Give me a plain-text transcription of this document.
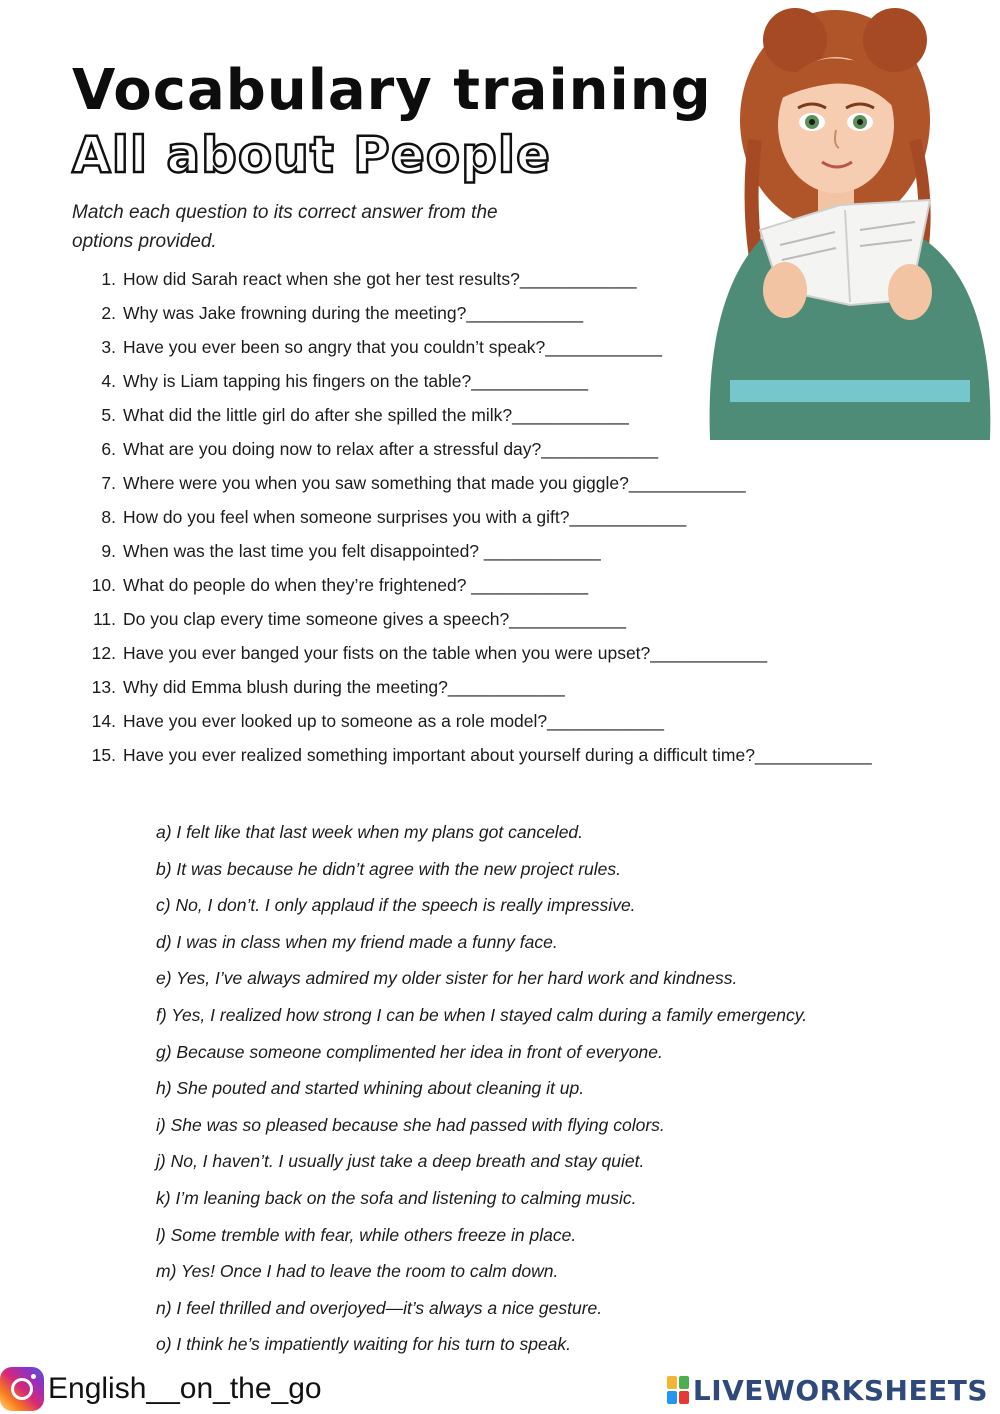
Vocabulary training
All about People

Match each question to its correct answer from the options provided.

1. How did Sarah react when she got her test results?____________
2. Why was Jake frowning during the meeting?____________
3. Have you ever been so angry that you couldn’t speak?____________
4. Why is Liam tapping his fingers on the table?____________
5. What did the little girl do after she spilled the milk?____________
6. What are you doing now to relax after a stressful day?____________
7. Where were you when you saw something that made you giggle?____________
8. How do you feel when someone surprises you with a gift?____________
9. When was the last time you felt disappointed? ____________
10. What do people do when they’re frightened? ____________
11. Do you clap every time someone gives a speech?____________
12. Have you ever banged your fists on the table when you were upset?____________
13. Why did Emma blush during the meeting?____________
14. Have you ever looked up to someone as a role model?____________
15. Have you ever realized something important about yourself during a difficult time?____________
a) I felt like that last week when my plans got canceled.
b) It was because he didn’t agree with the new project rules.
c) No, I don’t. I only applaud if the speech is really impressive.
d) I was in class when my friend made a funny face.
e) Yes, I’ve always admired my older sister for her hard work and kindness.
f) Yes, I realized how strong I can be when I stayed calm during a family emergency.
g) Because someone complimented her idea in front of everyone.
h) She pouted and started whining about cleaning it up.
i) She was so pleased because she had passed with flying colors.
j) No, I haven’t. I usually just take a deep breath and stay quiet.
k) I’m leaning back on the sofa and listening to calming music.
l) Some tremble with fear, while others freeze in place.
m) Yes! Once I had to leave the room to calm down.
n) I feel thrilled and overjoyed—it’s always a nice gesture.
o) I think he’s impatiently waiting for his turn to speak.
English__on_the_go	LIVEWORKSHEETS
